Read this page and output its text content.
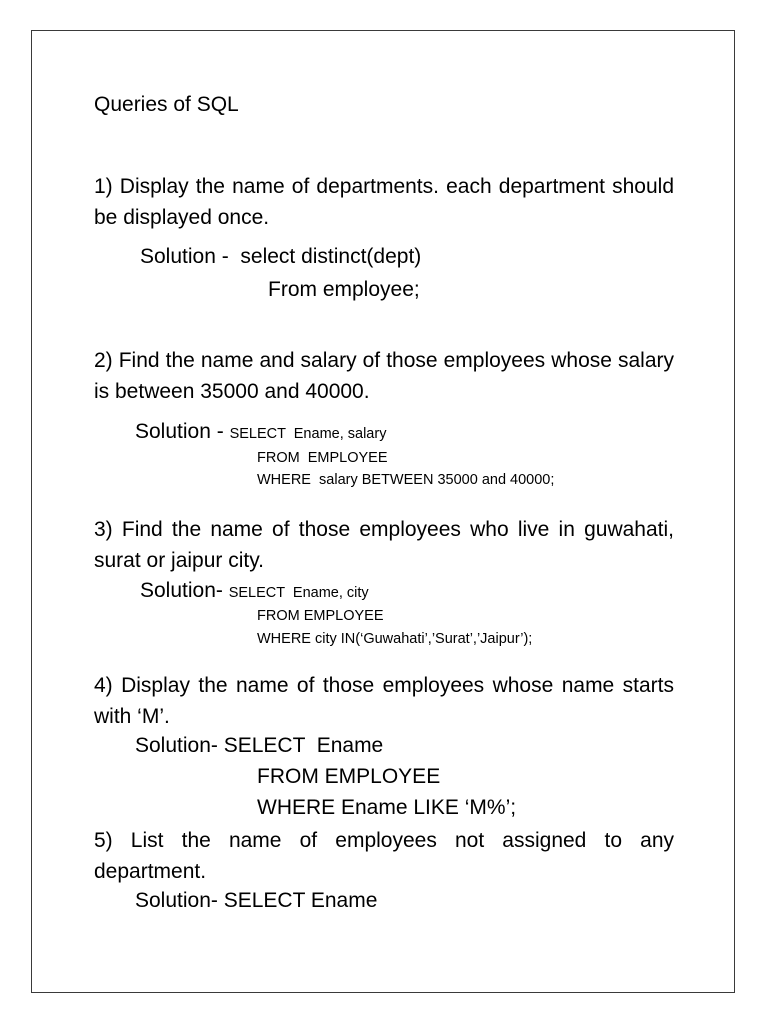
Queries of SQL
1) Display the name of departments. each department should be displayed once.
Solution -  select distinct(dept)
From employee;
2) Find the name and salary of those employees whose salary is between 35000 and 40000.
Solution - SELECT  Ename, salary
FROM  EMPLOYEE
WHERE  salary BETWEEN 35000 and 40000;
3) Find the name of those employees who live in guwahati, surat or jaipur city.
Solution- SELECT  Ename, city
FROM EMPLOYEE
WHERE city IN(‘Guwahati’,’Surat’,’Jaipur’);
4) Display the name of those employees whose name starts with ‘M’.
Solution- SELECT  Ename
FROM EMPLOYEE
WHERE Ename LIKE ‘M%’;
5) List the name of employees not assigned to any department.
Solution- SELECT Ename
